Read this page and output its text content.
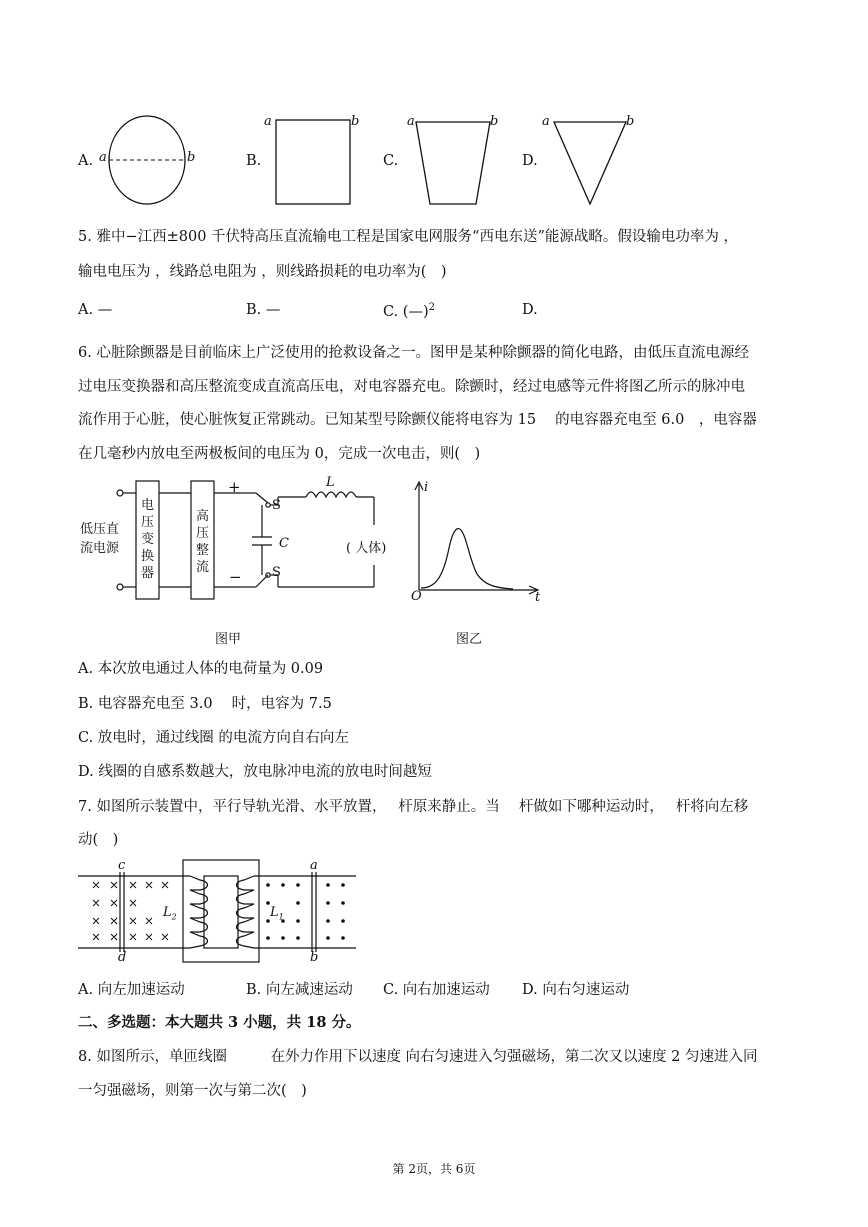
A. a	b	B.
a	b
C.
a	b
D.
a	b
5. 雅中−江西±800 千伏特高压直流输电工程是国家电网服务“西电东送”能源战略。假设输电功率为 ，
输电电压为 ，线路总电阻为 ，则线路损耗的电功率为(　)
A. —	B. —	C. (—)$^2$	D.
6. 心脏除颤器是目前临床上广泛使用的抢救设备之一。图甲是某种除颤器的简化电路，由低压直流电源经
过电压变换器和高压整流变成直流高压电，对电容器充电。除颤时，经过电感等元件将图乙所示的脉冲电
流作用于心脏，使心脏恢复正常跳动。已知某型号除颤仪能将电容为 15　 的电容器充电至 6.0　，电容器
在几毫秒内放电至两极板间的电压为 0，完成一次电击，则(　)
低压直
流电源
电
压
变
换
器
高
压
整
流
+
−
S
S
C
L
( 人体)
图甲
i
O	t
图乙
A. 本次放电通过人体的电荷量为 0.09
B. 电容器充电至 3.0　 时，电容为 7.5
C. 放电时，通过线圈 的电流方向自右向左
D. 线圈的自感系数越大，放电脉冲电流的放电时间越短
7. 如图所示装置中，平行导轨光滑、水平放置，　 杆原来静止。当　 杆做如下哪种运动时，　 杆将向左移
动(　)
c
d
a
b
$L_2$	$L_1$
A. 向左加速运动	B. 向左减速运动 C. 向右加速运动 D. 向右匀速运动
二、多选题：本大题共 3 小题，共 18 分。
8. 如图所示，单匝线圈　　　在外力作用下以速度 向右匀速进入匀强磁场，第二次又以速度 2 匀速进入同
一匀强磁场，则第一次与第二次(　)
第 2页，共 6页
